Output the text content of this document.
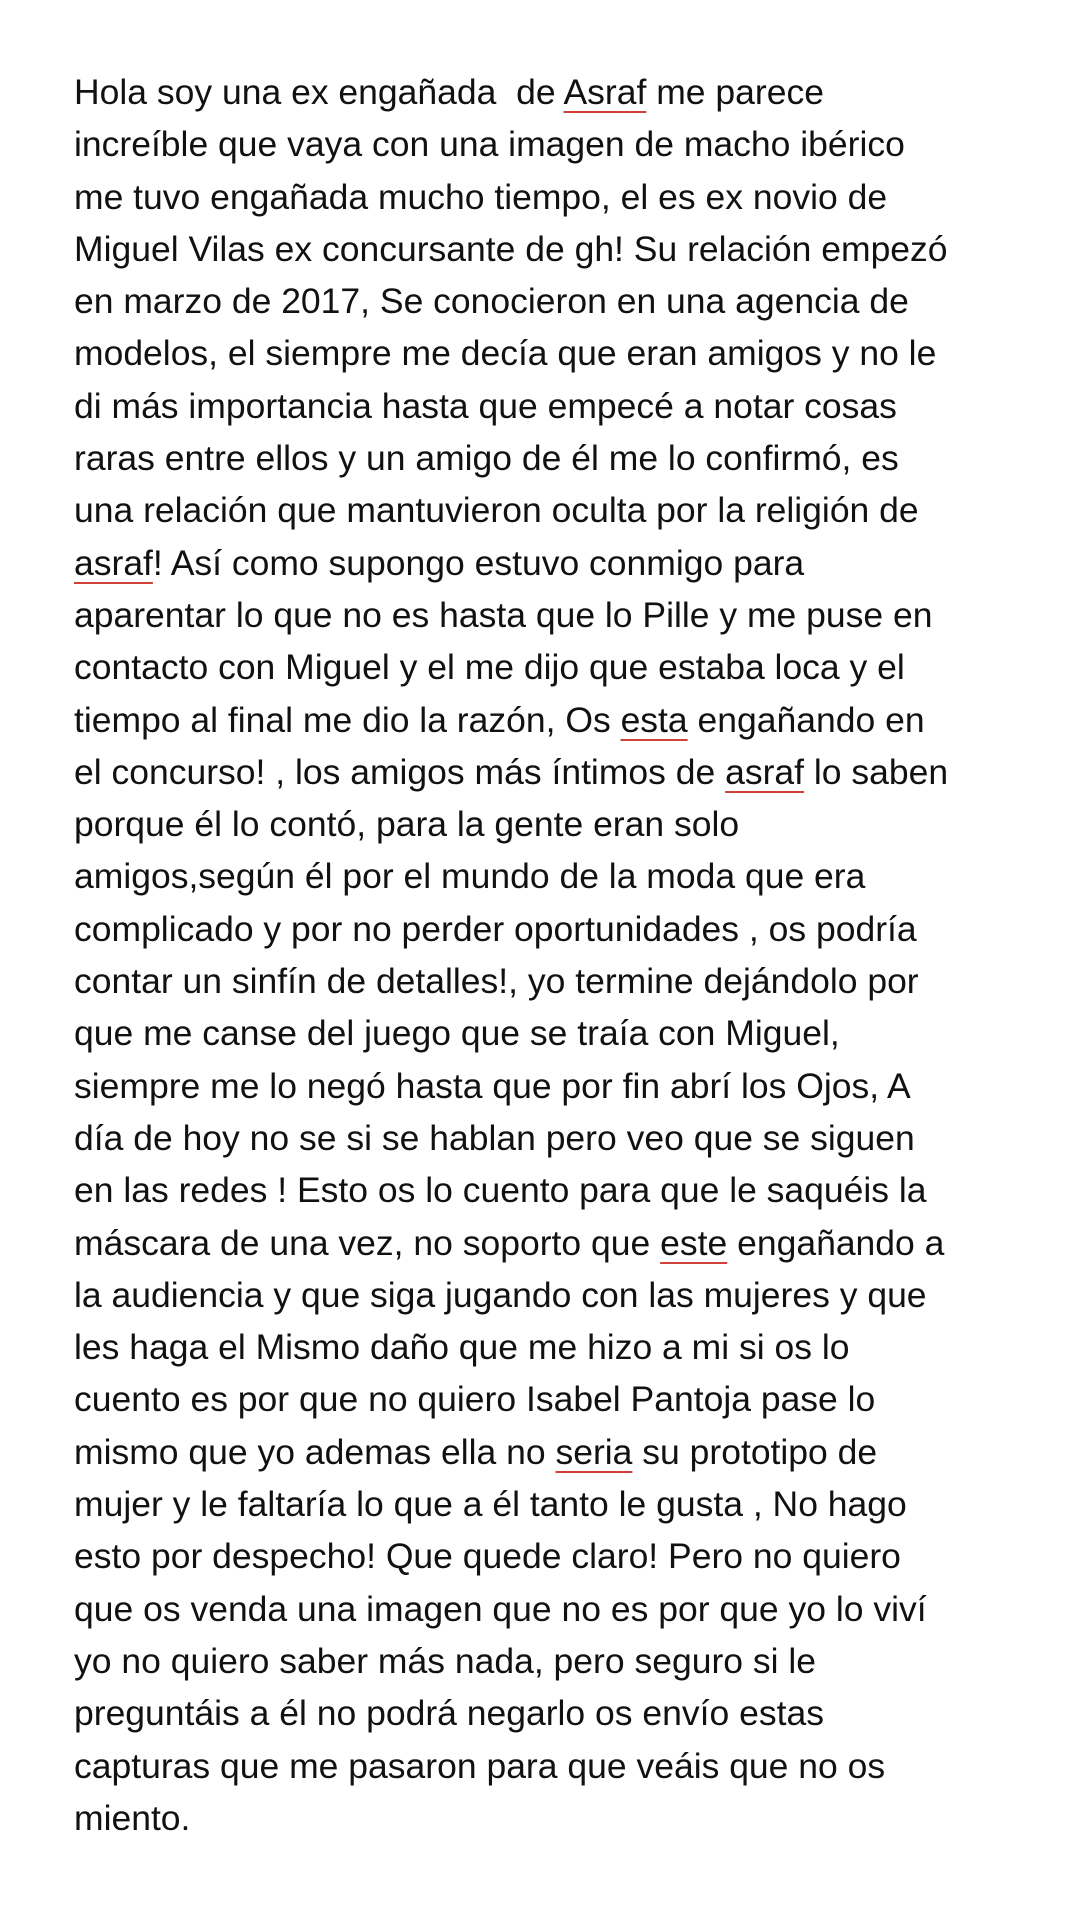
Hola soy una ex engañada  de Asraf me parece
increíble que vaya con una imagen de macho ibérico
me tuvo engañada mucho tiempo, el es ex novio de
Miguel Vilas ex concursante de gh! Su relación empezó
en marzo de 2017, Se conocieron en una agencia de
modelos, el siempre me decía que eran amigos y no le
di más importancia hasta que empecé a notar cosas
raras entre ellos y un amigo de él me lo confirmó, es
una relación que mantuvieron oculta por la religión de
asraf! Así como supongo estuvo conmigo para
aparentar lo que no es hasta que lo Pille y me puse en
contacto con Miguel y el me dijo que estaba loca y el
tiempo al final me dio la razón, Os esta engañando en
el concurso! , los amigos más íntimos de asraf lo saben
porque él lo contó, para la gente eran solo
amigos,según él por el mundo de la moda que era
complicado y por no perder oportunidades , os podría
contar un sinfín de detalles!, yo termine dejándolo por
que me canse del juego que se traía con Miguel,
siempre me lo negó hasta que por fin abrí los Ojos, A
día de hoy no se si se hablan pero veo que se siguen
en las redes ! Esto os lo cuento para que le saquéis la
máscara de una vez, no soporto que este engañando a
la audiencia y que siga jugando con las mujeres y que
les haga el Mismo daño que me hizo a mi si os lo
cuento es por que no quiero Isabel Pantoja pase lo
mismo que yo ademas ella no seria su prototipo de
mujer y le faltaría lo que a él tanto le gusta , No hago
esto por despecho! Que quede claro! Pero no quiero
que os venda una imagen que no es por que yo lo viví
yo no quiero saber más nada, pero seguro si le
preguntáis a él no podrá negarlo os envío estas
capturas que me pasaron para que veáis que no os
miento.
